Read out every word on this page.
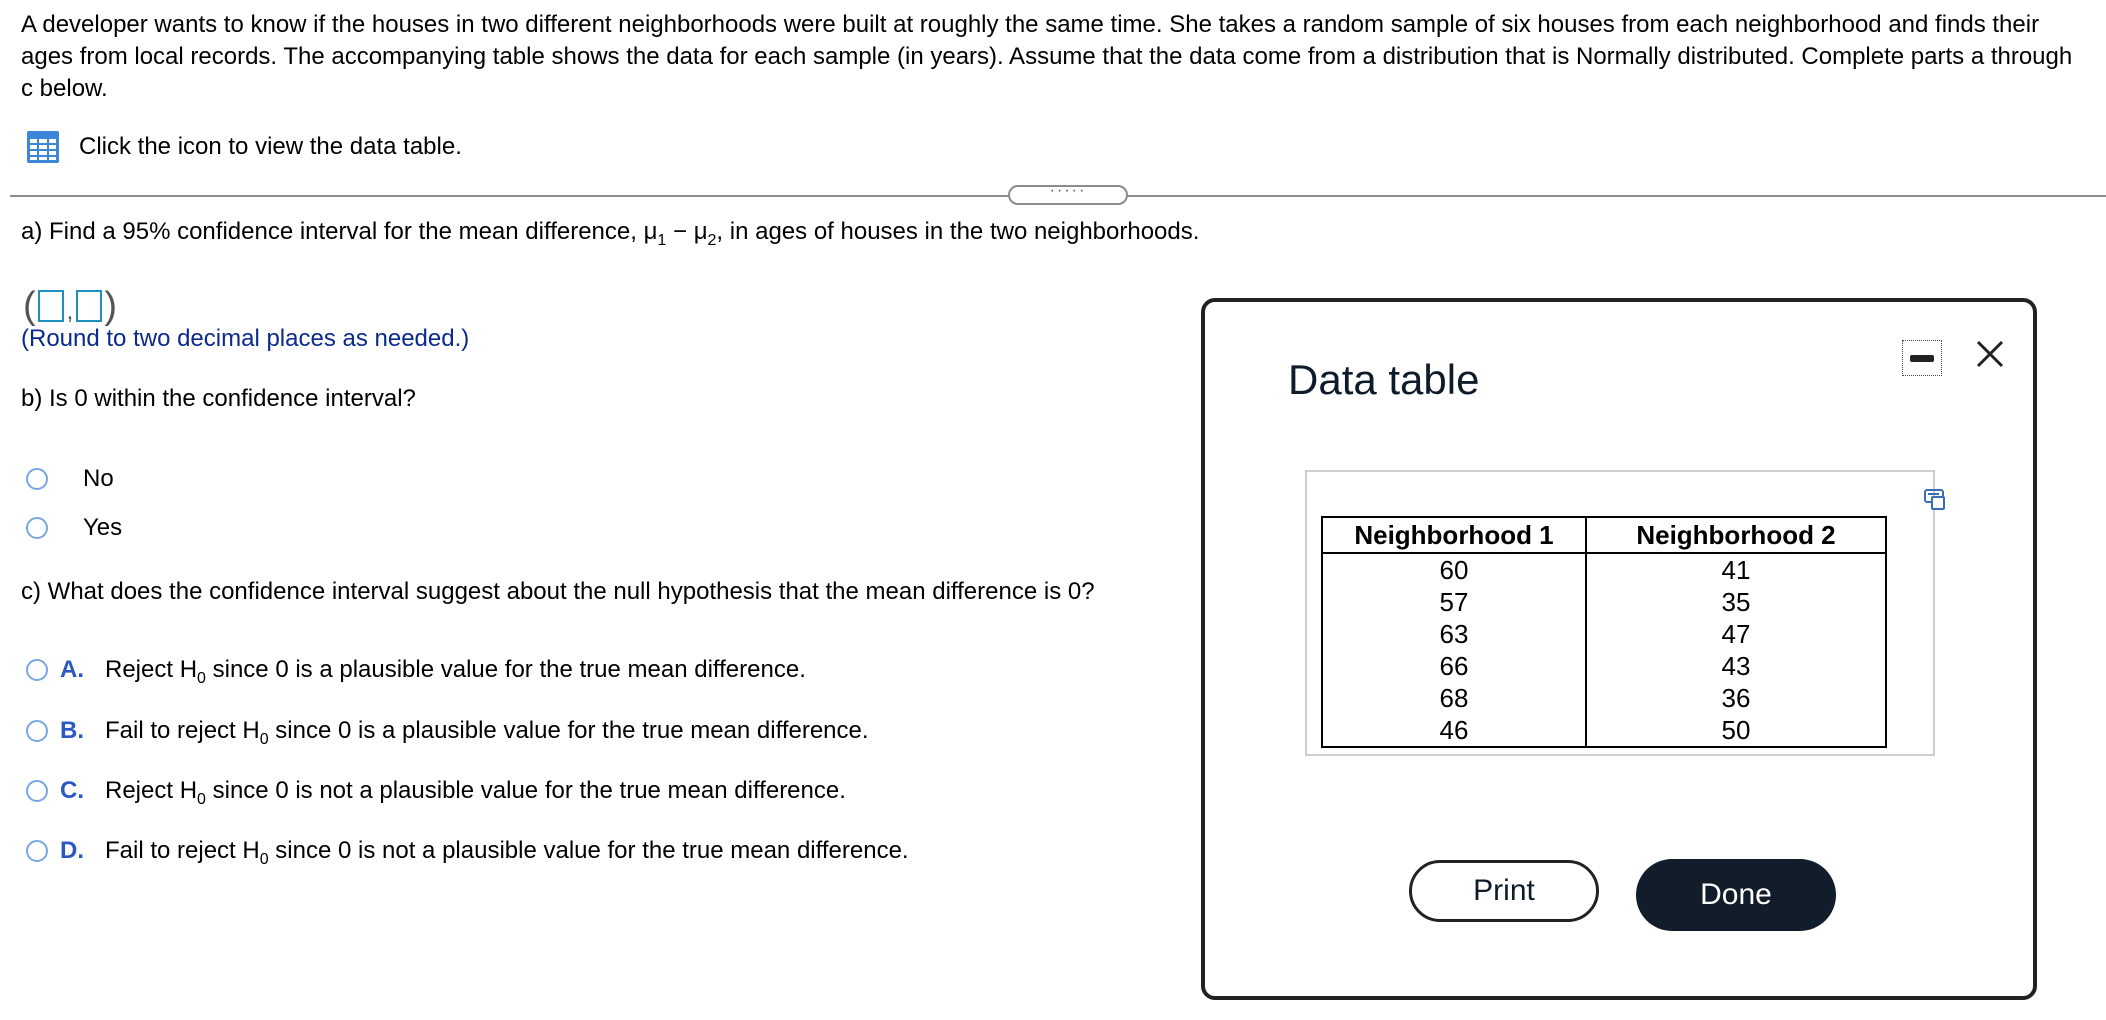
A developer wants to know if the houses in two different neighborhoods were built at roughly the same time. She takes a random sample of six houses from each neighborhood and finds their ages from local records. The accompanying table shows the data for each sample (in years). Assume that the data come from a distribution that is Normally distributed. Complete parts a through c below.
Click the icon to view the data table.
·····
a) Find a 95% confidence interval for the mean difference, $\mu_1 - \mu_2$, in ages of houses in the two neighborhoods.
( , )
(Round to two decimal places as needed.)
b) Is 0 within the confidence interval?
No
Yes
c) What does the confidence interval suggest about the null hypothesis that the mean difference is 0?
A. Reject $H_0$ since 0 is a plausible value for the true mean difference.
B. Fail to reject $H_0$ since 0 is a plausible value for the true mean difference.
C. Reject $H_0$ since 0 is not a plausible value for the true mean difference.
D. Fail to reject $H_0$ since 0 is not a plausible value for the true mean difference.
Data table
Neighborhood 1	Neighborhood 2
60	41
57	35
63	47
66	43
68	36
46	50
Print	Done
